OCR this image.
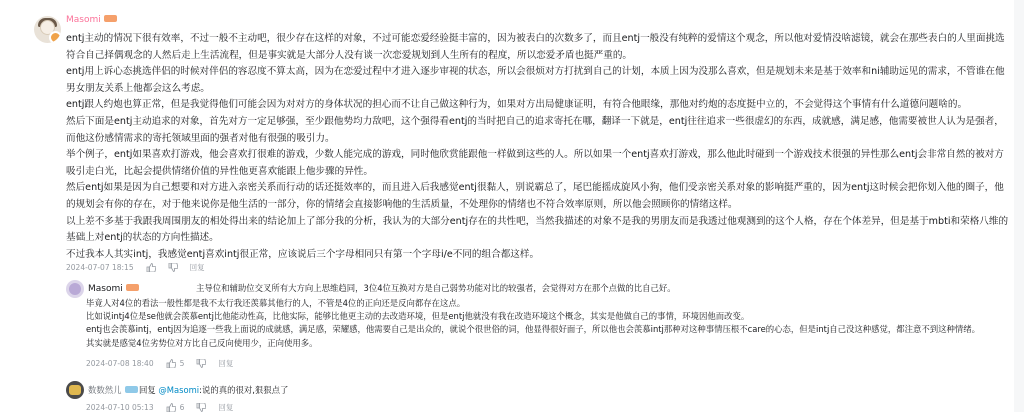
Masomi

entj主动的情况下很有效率，不过一般不主动吧，很少存在这样的对象，不过可能恋爱经验挺丰富的，因为被表白的次数多了，而且entj一般没有纯粹的爱情这个观念，所以他对爱情没啥滤镜，就会在那些表白的人里面挑选符合自己择偶观念的人然后走上生活流程，但是事实就是大部分人没有谈一次恋爱规划到人生所有的程度，所以恋爱矛盾也挺严重的。

entj用上诉心态挑选伴侣的时候对伴侣的容忍度不算太高，因为在恋爱过程中才进入逐步审视的状态，所以会很烦对方打扰到自己的计划，本质上因为没那么喜欢，但是规划未来是基于效率和ni辅助远见的需求，不管谁在他男女朋友关系上他都会这么考虑。

entj跟人约炮也算正常，但是我觉得他们可能会因为对对方的身体状况的担心而不让自己做这种行为，如果对方出局健康证明，有符合他眼缘，那他对约炮的态度挺中立的，不会觉得这个事情有什么道德问题啥的。

然后下面是entj主动追求的对象，首先对方一定足够强，至少跟他势均力敌吧，这个强得看entj的当时把自己的追求寄托在哪，翻译一下就是，entj往往追求一些很虚幻的东西，成就感，满足感，他需要被世人认为是强者，而他这份感情需求的寄托领域里面的强者对他有很强的吸引力。

举个例子，entj如果喜欢打游戏，他会喜欢打很难的游戏，少数人能完成的游戏，同时他欣赏能跟他一样做到这些的人。所以如果一个entj喜欢打游戏，那么他此时碰到一个游戏技术很强的异性那么entj会非常自然的被对方吸引走白光，比起会提供情绪价值的异性他更喜欢能跟上他步骤的异性。

然后entj如果是因为自己想要和对方进入亲密关系而行动的话还挺效率的，而且进入后我感觉entj很黏人，别说霸总了，尾巴能摇成旋风小狗，他们受亲密关系对象的影响挺严重的，因为entj这时候会把你划入他的圈子，他的规划会有你的存在，对于他来说你是他生活的一部分，你的情绪会直接影响他的生活质量，不处理你的情绪也不符合效率原则，所以他会照顾你的情绪这样。

以上差不多基于我跟我周围朋友的相处得出来的结论加上了部分我的分析，我认为的大部分entj存在的共性吧，当然我描述的对象不是我的男朋友而是我透过他观测到的这个人格，存在个体差异，但是基于mbti和荣格八维的基础上对entj的状态的方向性描述。

不过我本人其实intj，我感觉entj喜欢intj很正常，应该说后三个字母相同只有第一个字母i/e不同的组合都这样。

2024-07-07 18:15	回复
Masomi	主导位和辅助位交叉所有大方向上思维趋同，3位4位互换对方是自己弱势功能对比的较强者，会觉得对方在那个点做的比自己好。

毕竟人对4位的看法一般性都是我不太行我还羡慕其他行的人，不管是4位的正向还是反向都存在这点。

比如说intj4位是se他就会羡慕entj比他能动性高，比他实际，能够比他更主动的去改造环境，但是entj他就没有我在改造环境这个概念，其实是他做自己的事情，环境因他而改变。

entj也会羡慕intj，entj因为追逐一些我上面说的成就感，满足感，荣耀感，他需要自己是出众的，就说个很世俗的词，他显得很好面子，所以他也会羡慕intj那种对这种事情压根不care的心态，但是intj自己没这种感觉，都注意不到这种情绪。

其实就是感觉4位劣势位对方比自己反向使用少，正向使用多。

2024-07-08 18:40	5	回复
数数然儿	回复 @Masomi:说的真的很对,狠狠点了
2024-07-10 05:13	6	回复
